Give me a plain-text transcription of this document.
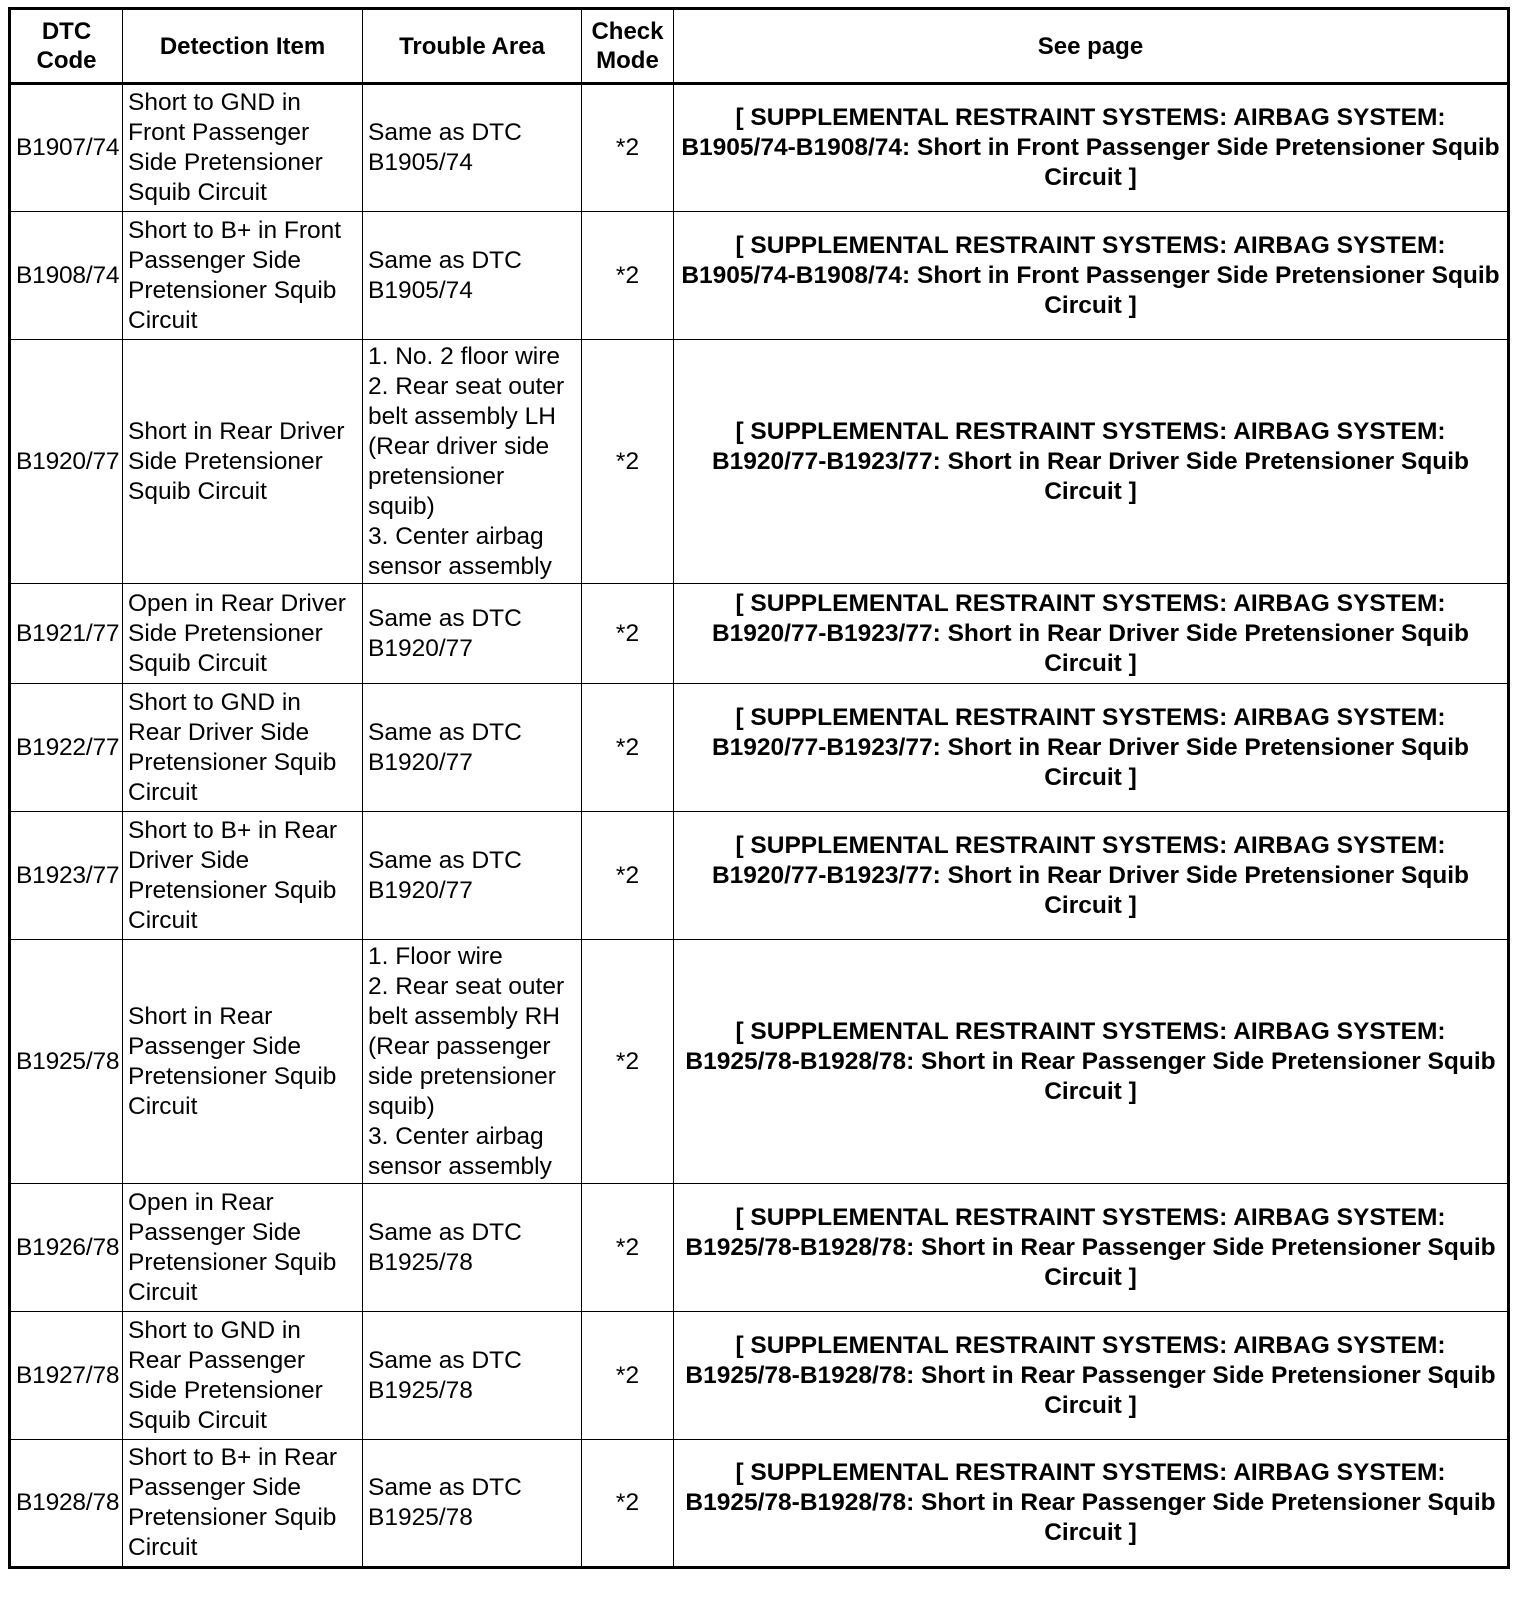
DTC Code	Detection Item	Trouble Area	Check Mode	See page
B1907/74	Short to GND in Front Passenger Side Pretensioner Squib Circuit	Same as DTC B1905/74	*2	[ SUPPLEMENTAL RESTRAINT SYSTEMS: AIRBAG SYSTEM: B1905/74-B1908/74: Short in Front Passenger Side Pretensioner Squib Circuit ]
B1908/74	Short to B+ in Front Passenger Side Pretensioner Squib Circuit	Same as DTC B1905/74	*2	[ SUPPLEMENTAL RESTRAINT SYSTEMS: AIRBAG SYSTEM: B1905/74-B1908/74: Short in Front Passenger Side Pretensioner Squib Circuit ]
B1920/77	Short in Rear Driver Side Pretensioner Squib Circuit	1. No. 2 floor wire
2. Rear seat outer belt assembly LH (Rear driver side pretensioner squib)
3. Center airbag sensor assembly	*2	[ SUPPLEMENTAL RESTRAINT SYSTEMS: AIRBAG SYSTEM: B1920/77-B1923/77: Short in Rear Driver Side Pretensioner Squib Circuit ]
B1921/77	Open in Rear Driver Side Pretensioner Squib Circuit	Same as DTC B1920/77	*2	[ SUPPLEMENTAL RESTRAINT SYSTEMS: AIRBAG SYSTEM: B1920/77-B1923/77: Short in Rear Driver Side Pretensioner Squib Circuit ]
B1922/77	Short to GND in Rear Driver Side Pretensioner Squib Circuit	Same as DTC B1920/77	*2	[ SUPPLEMENTAL RESTRAINT SYSTEMS: AIRBAG SYSTEM: B1920/77-B1923/77: Short in Rear Driver Side Pretensioner Squib Circuit ]
B1923/77	Short to B+ in Rear Driver Side Pretensioner Squib Circuit	Same as DTC B1920/77	*2	[ SUPPLEMENTAL RESTRAINT SYSTEMS: AIRBAG SYSTEM: B1920/77-B1923/77: Short in Rear Driver Side Pretensioner Squib Circuit ]
B1925/78	Short in Rear Passenger Side Pretensioner Squib Circuit	1. Floor wire
2. Rear seat outer belt assembly RH (Rear passenger side pretensioner squib)
3. Center airbag sensor assembly	*2	[ SUPPLEMENTAL RESTRAINT SYSTEMS: AIRBAG SYSTEM: B1925/78-B1928/78: Short in Rear Passenger Side Pretensioner Squib Circuit ]
B1926/78	Open in Rear Passenger Side Pretensioner Squib Circuit	Same as DTC B1925/78	*2	[ SUPPLEMENTAL RESTRAINT SYSTEMS: AIRBAG SYSTEM: B1925/78-B1928/78: Short in Rear Passenger Side Pretensioner Squib Circuit ]
B1927/78	Short to GND in Rear Passenger Side Pretensioner Squib Circuit	Same as DTC B1925/78	*2	[ SUPPLEMENTAL RESTRAINT SYSTEMS: AIRBAG SYSTEM: B1925/78-B1928/78: Short in Rear Passenger Side Pretensioner Squib Circuit ]
B1928/78	Short to B+ in Rear Passenger Side Pretensioner Squib Circuit	Same as DTC B1925/78	*2	[ SUPPLEMENTAL RESTRAINT SYSTEMS: AIRBAG SYSTEM: B1925/78-B1928/78: Short in Rear Passenger Side Pretensioner Squib Circuit ]
